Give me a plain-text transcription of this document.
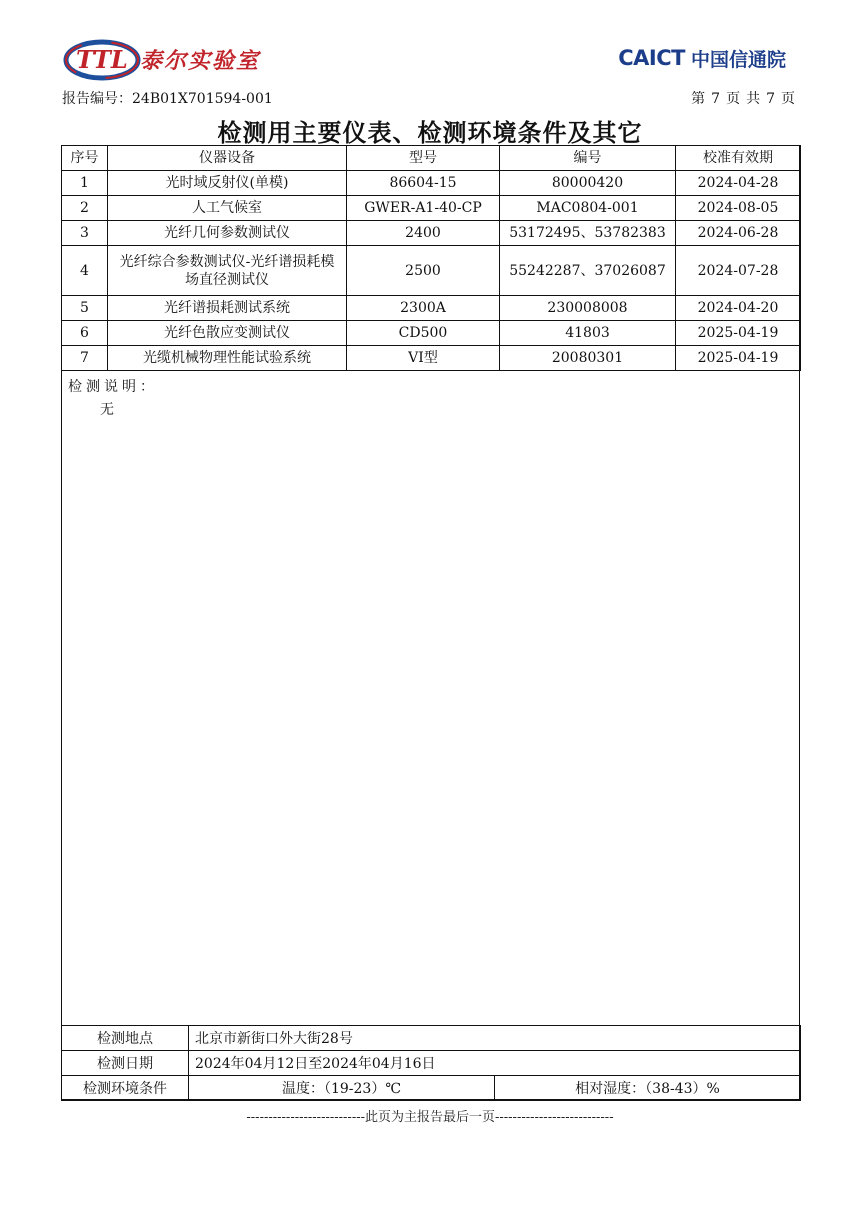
TTL 泰尔实验室	CAICT 中国信通院
报告编号：24B01X701594-001	第 7 页 共 7 页
检测用主要仪表、检测环境条件及其它
序号	仪器设备	型号	编号	校准有效期
1	光时域反射仪(单模)	86604-15	80000420	2024-04-28
2	人工气候室	GWER-A1-40-CP	MAC0804-001	2024-08-05
3	光纤几何参数测试仪	2400	53172495、53782383	2024-06-28
4	光纤综合参数测试仪-光纤谱损耗模场直径测试仪	2500	55242287、37026087	2024-07-28
5	光纤谱损耗测试系统	2300A	230008008	2024-04-20
6	光纤色散应变测试仪	CD500	41803	2025-04-19
7	光缆机械物理性能试验系统	VI型	20080301	2025-04-19
检测说明：
无
检测地点	北京市新街口外大街28号	
检测日期	2024年04月12日至2024年04月16日	
检测环境条件	温度：（19-23）℃	相对湿度：（38-43）%
---------------------------此页为主报告最后一页---------------------------
